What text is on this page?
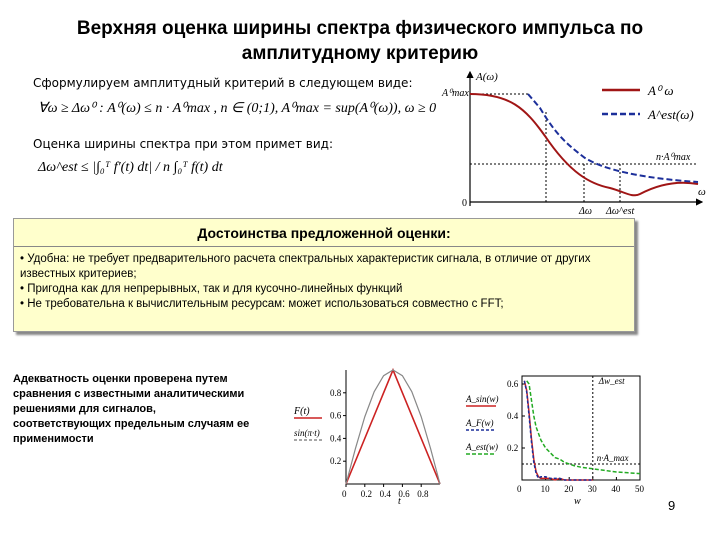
Верхняя оценка ширины спектра физического импульса по амплитудному критерию
Сформулируем амплитудный критерий в следующем виде:
∀ω ≥ Δω⁰ : A⁰(ω) ≤ n · A⁰max , n ∈ (0;1), A⁰max = sup(A⁰(ω)), ω ≥ 0
Оценка ширины спектра при этом примет вид:
Δω^est ≤ |∫₀ᵀ f′(t) dt| / n ∫₀ᵀ f(t) dt
A(ω)
ω
0
A⁰max
n·A⁰max
Δω Δω^est
A⁰ ω
A^est(ω)
Достоинства предложенной оценки:
• Удобна: не требует предварительного расчета спектральных характеристик сигнала, в отличие от других известных критериев;
• Пригодна как для непрерывных, так и для кусочно-линейных функций
• Не требовательна к вычислительным ресурсам: может использоваться совместно с FFT;
Адекватность оценки проверена путем сравнения с известными аналитическими решениями для сигналов, соответствующих предельным случаям ее применимости
0 0.2 0.4 0.6 0.8
0.2
0.4
0.6
0.8
t
F(t)
sin(π·t)
0 10 20 30 40 50
0.2
0.4
0.6
w
Δw_est
n·A_max
A_sin(w)
A_F(w)
A_est(w)
9
